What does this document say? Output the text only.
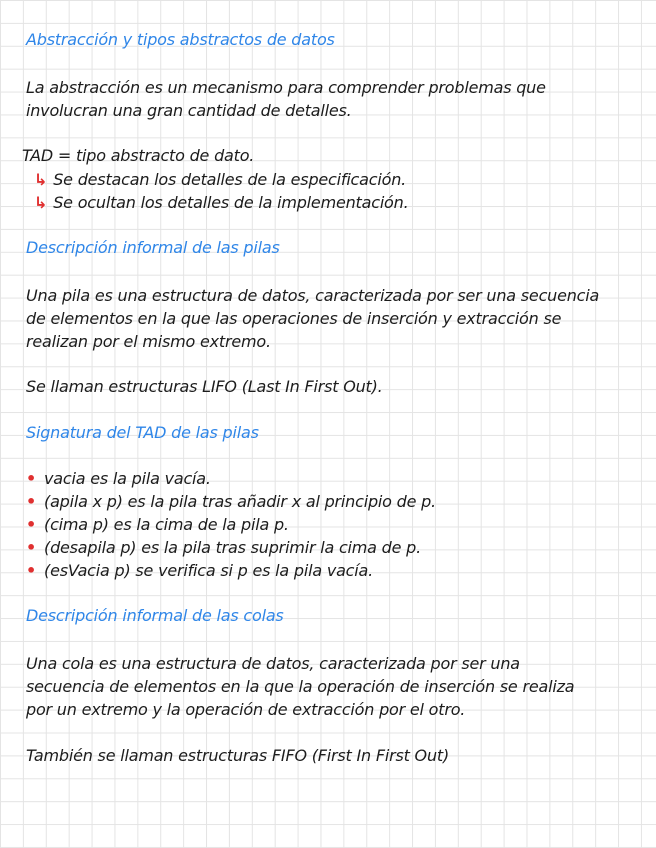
Abstracción y tipos abstractos de datos
La abstracción es un mecanismo para comprender problemas que
involucran una gran cantidad de detalles.
TAD = tipo abstracto de dato.
↳ Se destacan los detalles de la especificación.
↳ Se ocultan los detalles de la implementación.
Descripción informal de las pilas
Una pila es una estructura de datos, caracterizada por ser una secuencia
de elementos en la que las operaciones de inserción y extracción se
realizan por el mismo extremo.
Se llaman estructuras LIFO (Last In First Out).
Signatura del TAD de las pilas
• vacia es la pila vacía.
• (apila x p) es la pila tras añadir x al principio de p.
• (cima p) es la cima de la pila p.
• (desapila p) es la pila tras suprimir la cima de p.
• (esVacia p) se verifica si p es la pila vacía.
Descripción informal de las colas
Una cola es una estructura de datos, caracterizada por ser una
secuencia de elementos en la que la operación de inserción se realiza
por un extremo y la operación de extracción por el otro.
También se llaman estructuras FIFO (First In First Out)
